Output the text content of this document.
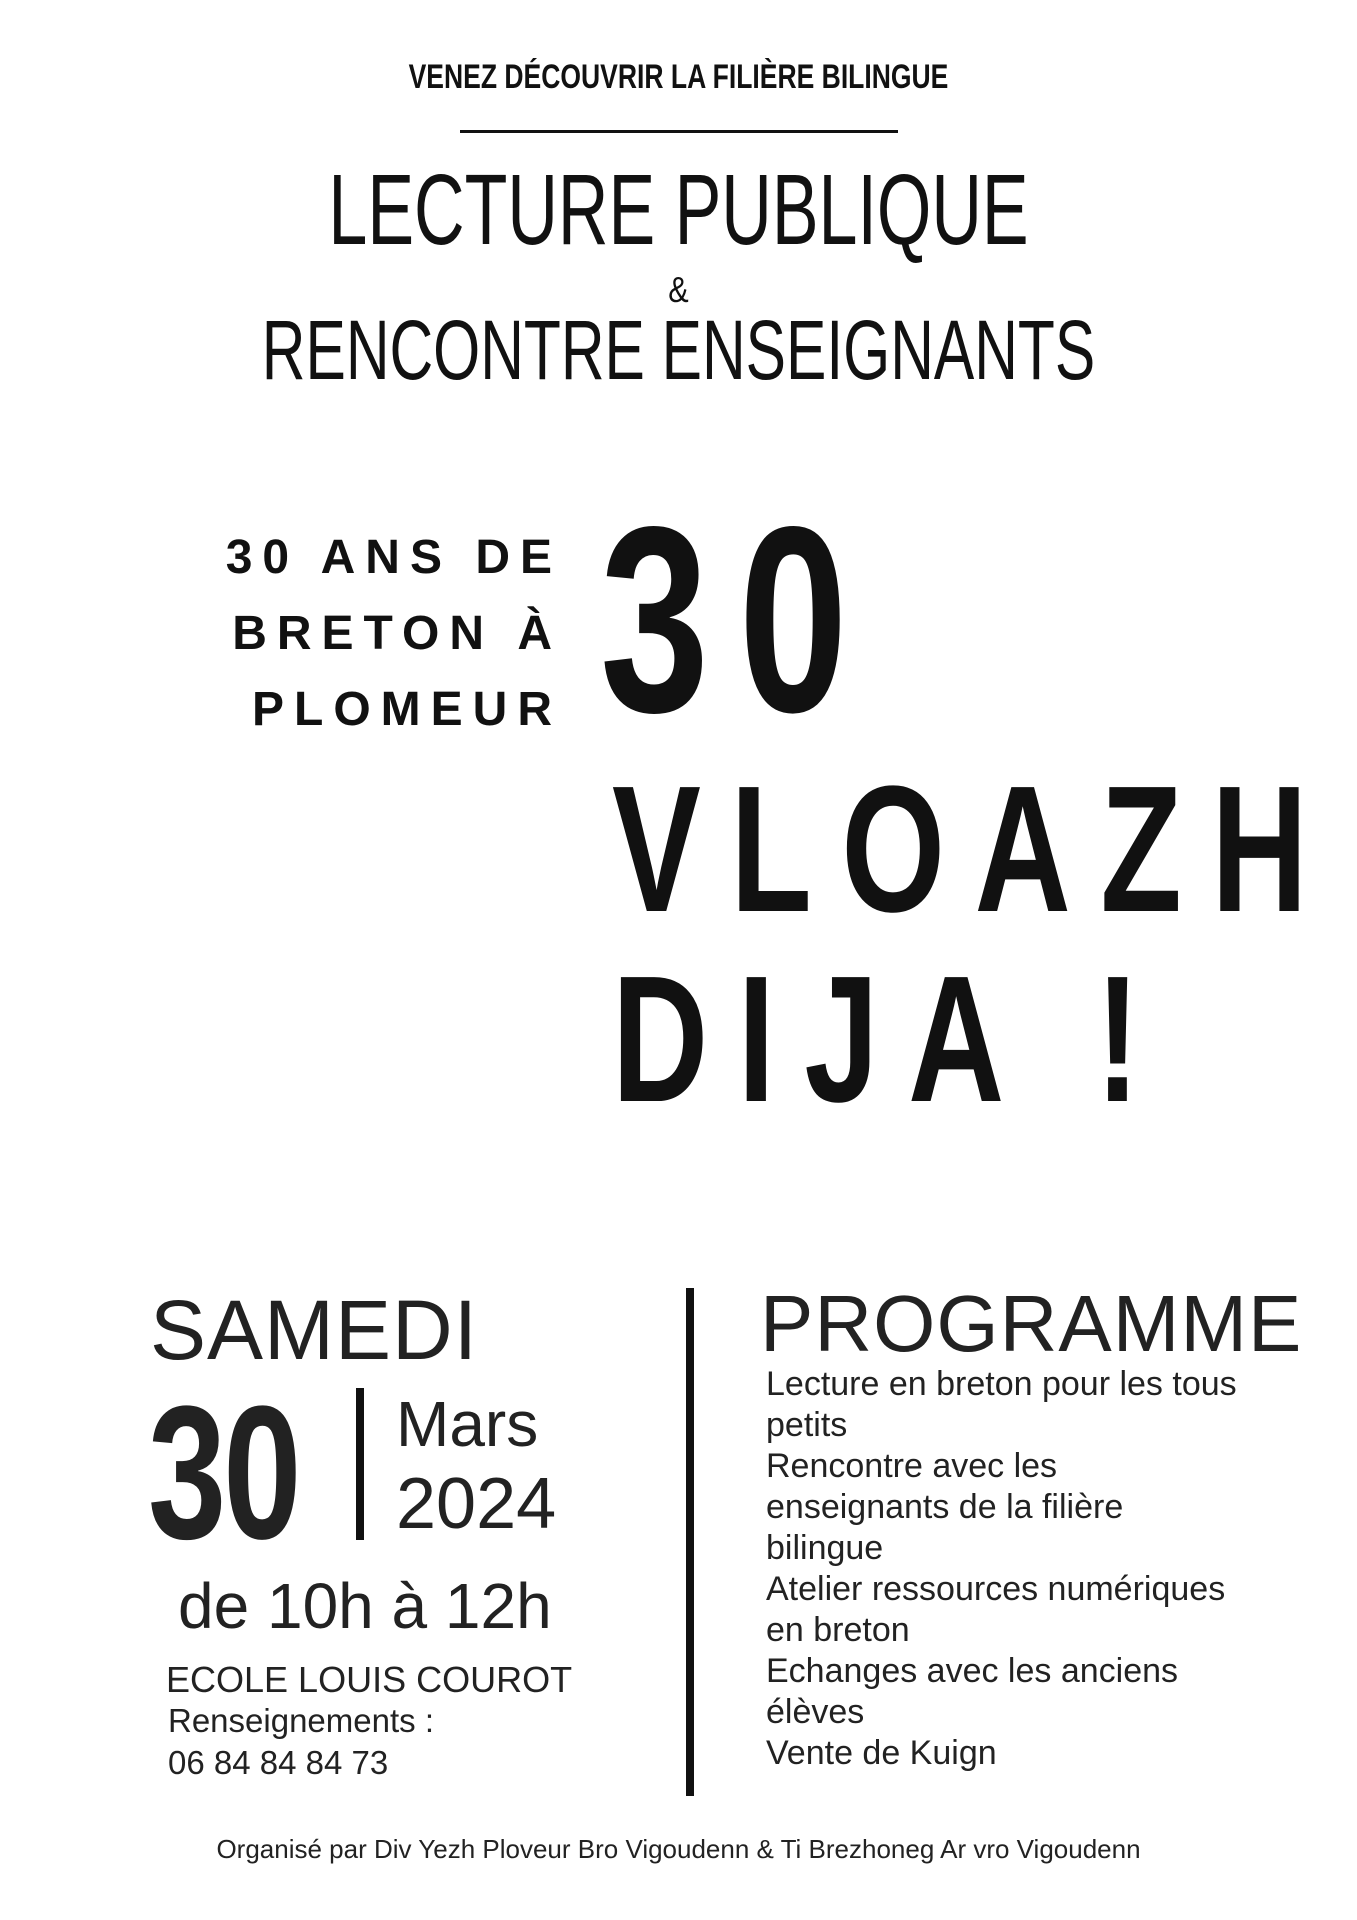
VENEZ DÉCOUVRIR LA FILIÈRE BILINGUE
LECTURE PUBLIQUE
&
RENCONTRE ENSEIGNANTS
30 ANS DE
BRETON À
PLOMEUR 30
VLOAZH
DIJA !
SAMEDI
30 Mars
2024
de 10h à 12h
ECOLE LOUIS COUROT
Renseignements :
06 84 84 84 73
PROGRAMME
Lecture en breton pour les tous petits
Rencontre avec les enseignants de la filière bilingue
Atelier ressources numériques en breton
Echanges avec les anciens élèves
Vente de Kuign
Organisé par Div Yezh Ploveur Bro Vigoudenn & Ti Brezhoneg Ar vro Vigoudenn
